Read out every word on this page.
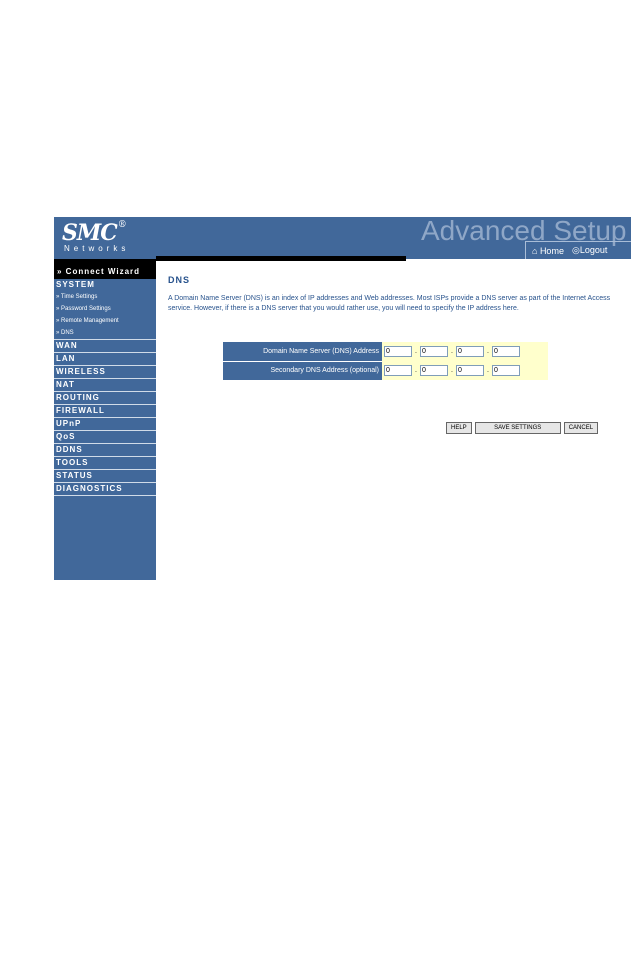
SMC®
Networks
Advanced Setup
⌂ Home ◎Logout
» Connect Wizard
SYSTEM
» Time Settings
» Password Settings
» Remote Management
» DNS
WAN
LAN
WIRELESS
NAT
ROUTING
FIREWALL
UPnP
QoS
DDNS
TOOLS
STATUS
DIAGNOSTICS
DNS
A Domain Name Server (DNS) is an index of IP addresses and Web addresses. Most ISPs provide a DNS server as part of the Internet Access service. However, if there is a DNS server that you would rather use, you will need to specify the IP address here.
Domain Name Server (DNS) Address	0.0 .0 .0
Secondary DNS Address (optional)	0.0 .0 .0
HELP	SAVE SETTINGS	CANCEL
